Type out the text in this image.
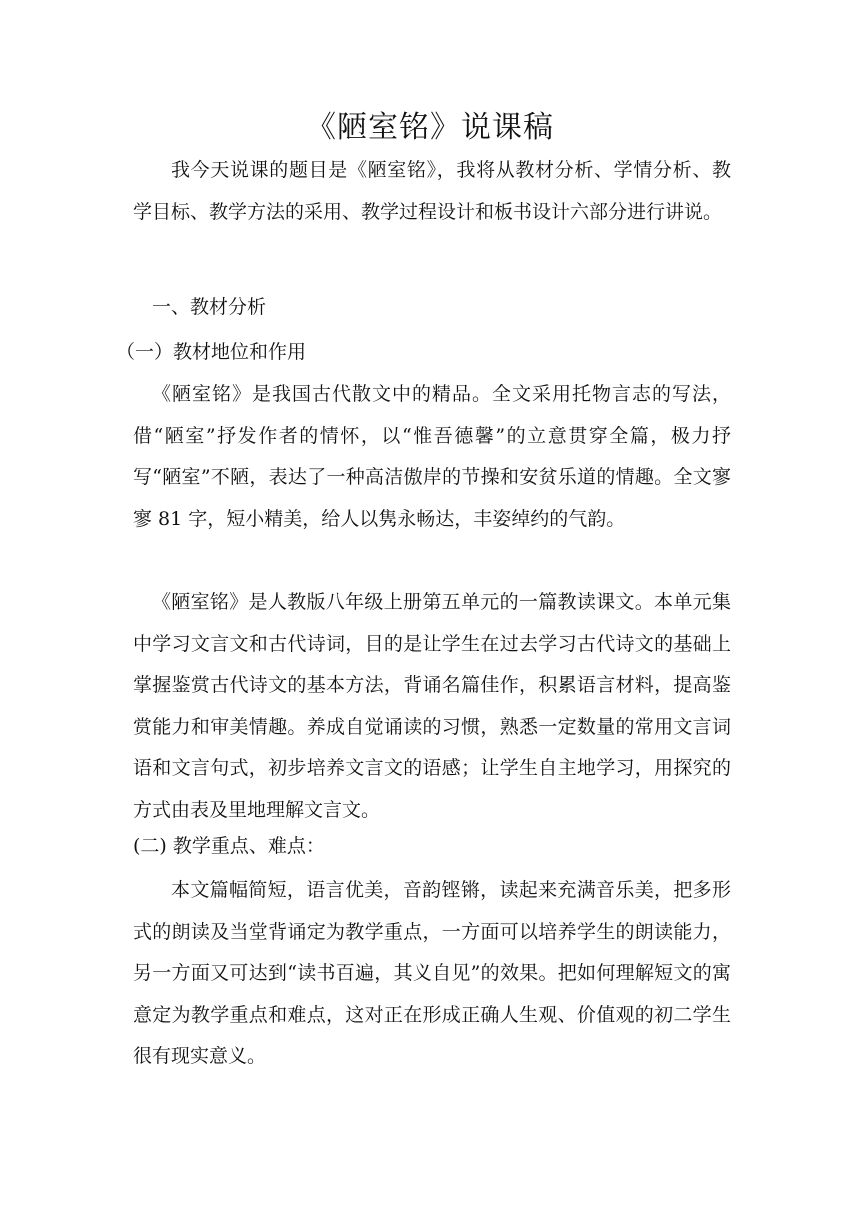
《陋室铭》说课稿

我今天说课的题目是《陋室铭》，我将从教材分析、学情分析、教学目标、教学方法的采用、教学过程设计和板书设计六部分进行讲说。

一、教材分析
（一）教材地位和作用

《陋室铭》是我国古代散文中的精品。全文采用托物言志的写法，借“陋室”抒发作者的情怀，以“惟吾德馨”的立意贯穿全篇，极力抒写“陋室”不陋，表达了一种高洁傲岸的节操和安贫乐道的情趣。全文寥寥 81 字，短小精美，给人以隽永畅达，丰姿绰约的气韵。

《陋室铭》是人教版八年级上册第五单元的一篇教读课文。本单元集中学习文言文和古代诗词，目的是让学生在过去学习古代诗文的基础上掌握鉴赏古代诗文的基本方法，背诵名篇佳作，积累语言材料，提高鉴赏能力和审美情趣。养成自觉诵读的习惯，熟悉一定数量的常用文言词语和文言句式，初步培养文言文的语感；让学生自主地学习，用探究的方式由表及里地理解文言文。

(二) 教学重点、难点：

本文篇幅简短，语言优美，音韵铿锵，读起来充满音乐美，把多形式的朗读及当堂背诵定为教学重点，一方面可以培养学生的朗读能力，另一方面又可达到“读书百遍，其义自见”的效果。把如何理解短文的寓意定为教学重点和难点，这对正在形成正确人生观、价值观的初二学生很有现实意义。
